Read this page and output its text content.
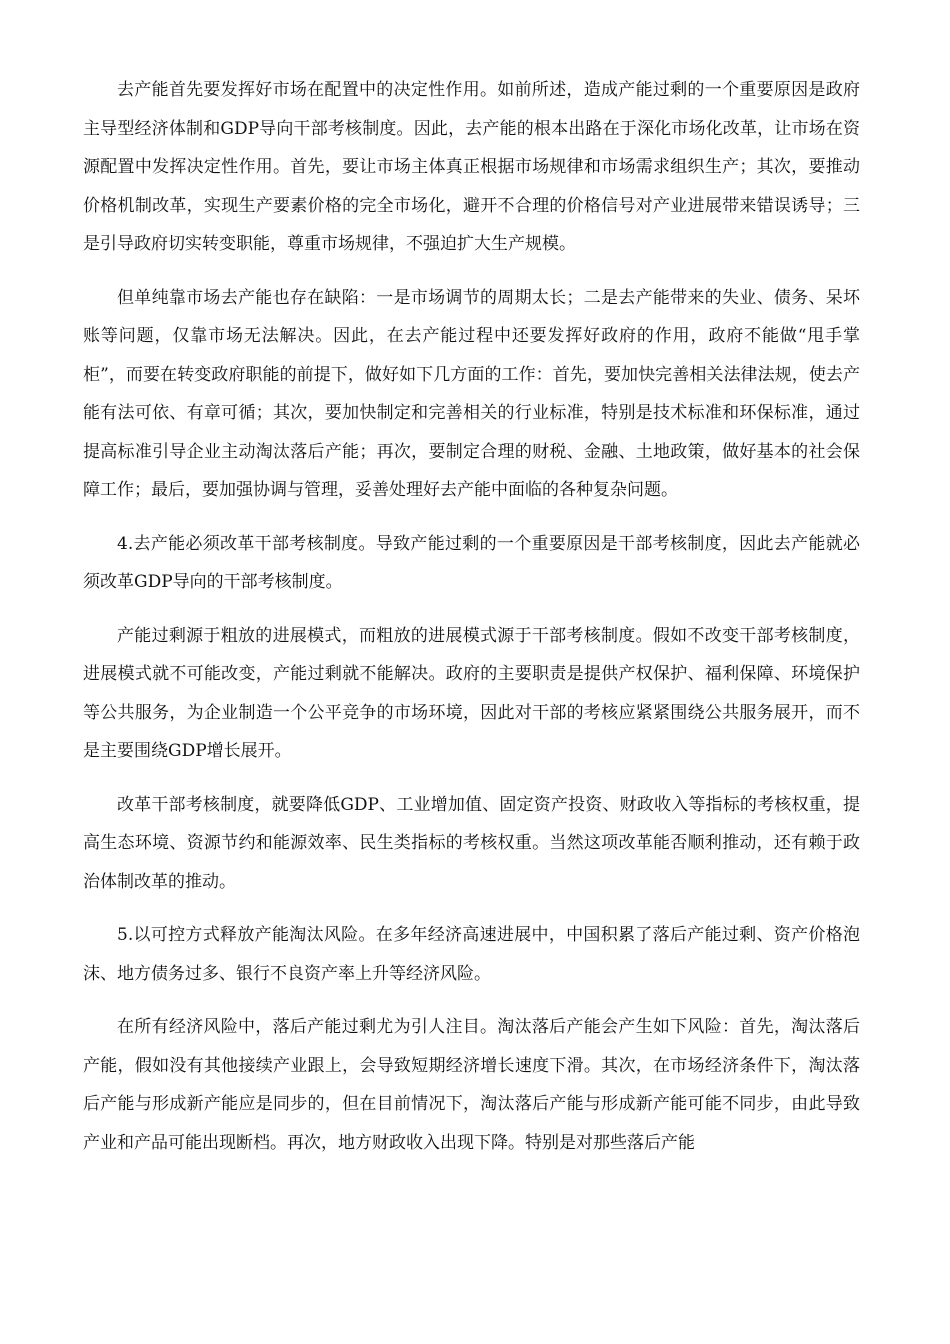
去产能首先要发挥好市场在配置中的决定性作用。如前所述，造成产能过剩的一个重要原因是政府主导型经济体制和GDP导向干部考核制度。因此，去产能的根本出路在于深化市场化改革，让市场在资源配置中发挥决定性作用。首先，要让市场主体真正根据市场规律和市场需求组织生产；其次，要推动价格机制改革，实现生产要素价格的完全市场化，避开不合理的价格信号对产业进展带来错误诱导；三是引导政府切实转变职能，尊重市场规律，不强迫扩大生产规模。

但单纯靠市场去产能也存在缺陷：一是市场调节的周期太长；二是去产能带来的失业、债务、呆坏账等问题，仅靠市场无法解决。因此，在去产能过程中还要发挥好政府的作用，政府不能做“甩手掌柜”，而要在转变政府职能的前提下，做好如下几方面的工作：首先，要加快完善相关法律法规，使去产能有法可依、有章可循；其次，要加快制定和完善相关的行业标准，特别是技术标准和环保标准，通过提高标准引导企业主动淘汰落后产能；再次，要制定合理的财税、金融、土地政策，做好基本的社会保障工作；最后，要加强协调与管理，妥善处理好去产能中面临的各种复杂问题。

4.去产能必须改革干部考核制度。导致产能过剩的一个重要原因是干部考核制度，因此去产能就必须改革GDP导向的干部考核制度。

产能过剩源于粗放的进展模式，而粗放的进展模式源于干部考核制度。假如不改变干部考核制度，进展模式就不可能改变，产能过剩就不能解决。政府的主要职责是提供产权保护、福利保障、环境保护等公共服务，为企业制造一个公平竞争的市场环境，因此对干部的考核应紧紧围绕公共服务展开，而不是主要围绕GDP增长展开。

改革干部考核制度，就要降低GDP、工业增加值、固定资产投资、财政收入等指标的考核权重，提高生态环境、资源节约和能源效率、民生类指标的考核权重。当然这项改革能否顺利推动，还有赖于政治体制改革的推动。

5.以可控方式释放产能淘汰风险。在多年经济高速进展中，中国积累了落后产能过剩、资产价格泡沫、地方债务过多、银行不良资产率上升等经济风险。

在所有经济风险中，落后产能过剩尤为引人注目。淘汰落后产能会产生如下风险：首先，淘汰落后产能，假如没有其他接续产业跟上，会导致短期经济增长速度下滑。其次，在市场经济条件下，淘汰落后产能与形成新产能应是同步的，但在目前情况下，淘汰落后产能与形成新产能可能不同步，由此导致产业和产品可能出现断档。再次，地方财政收入出现下降。特别是对那些落后产能
